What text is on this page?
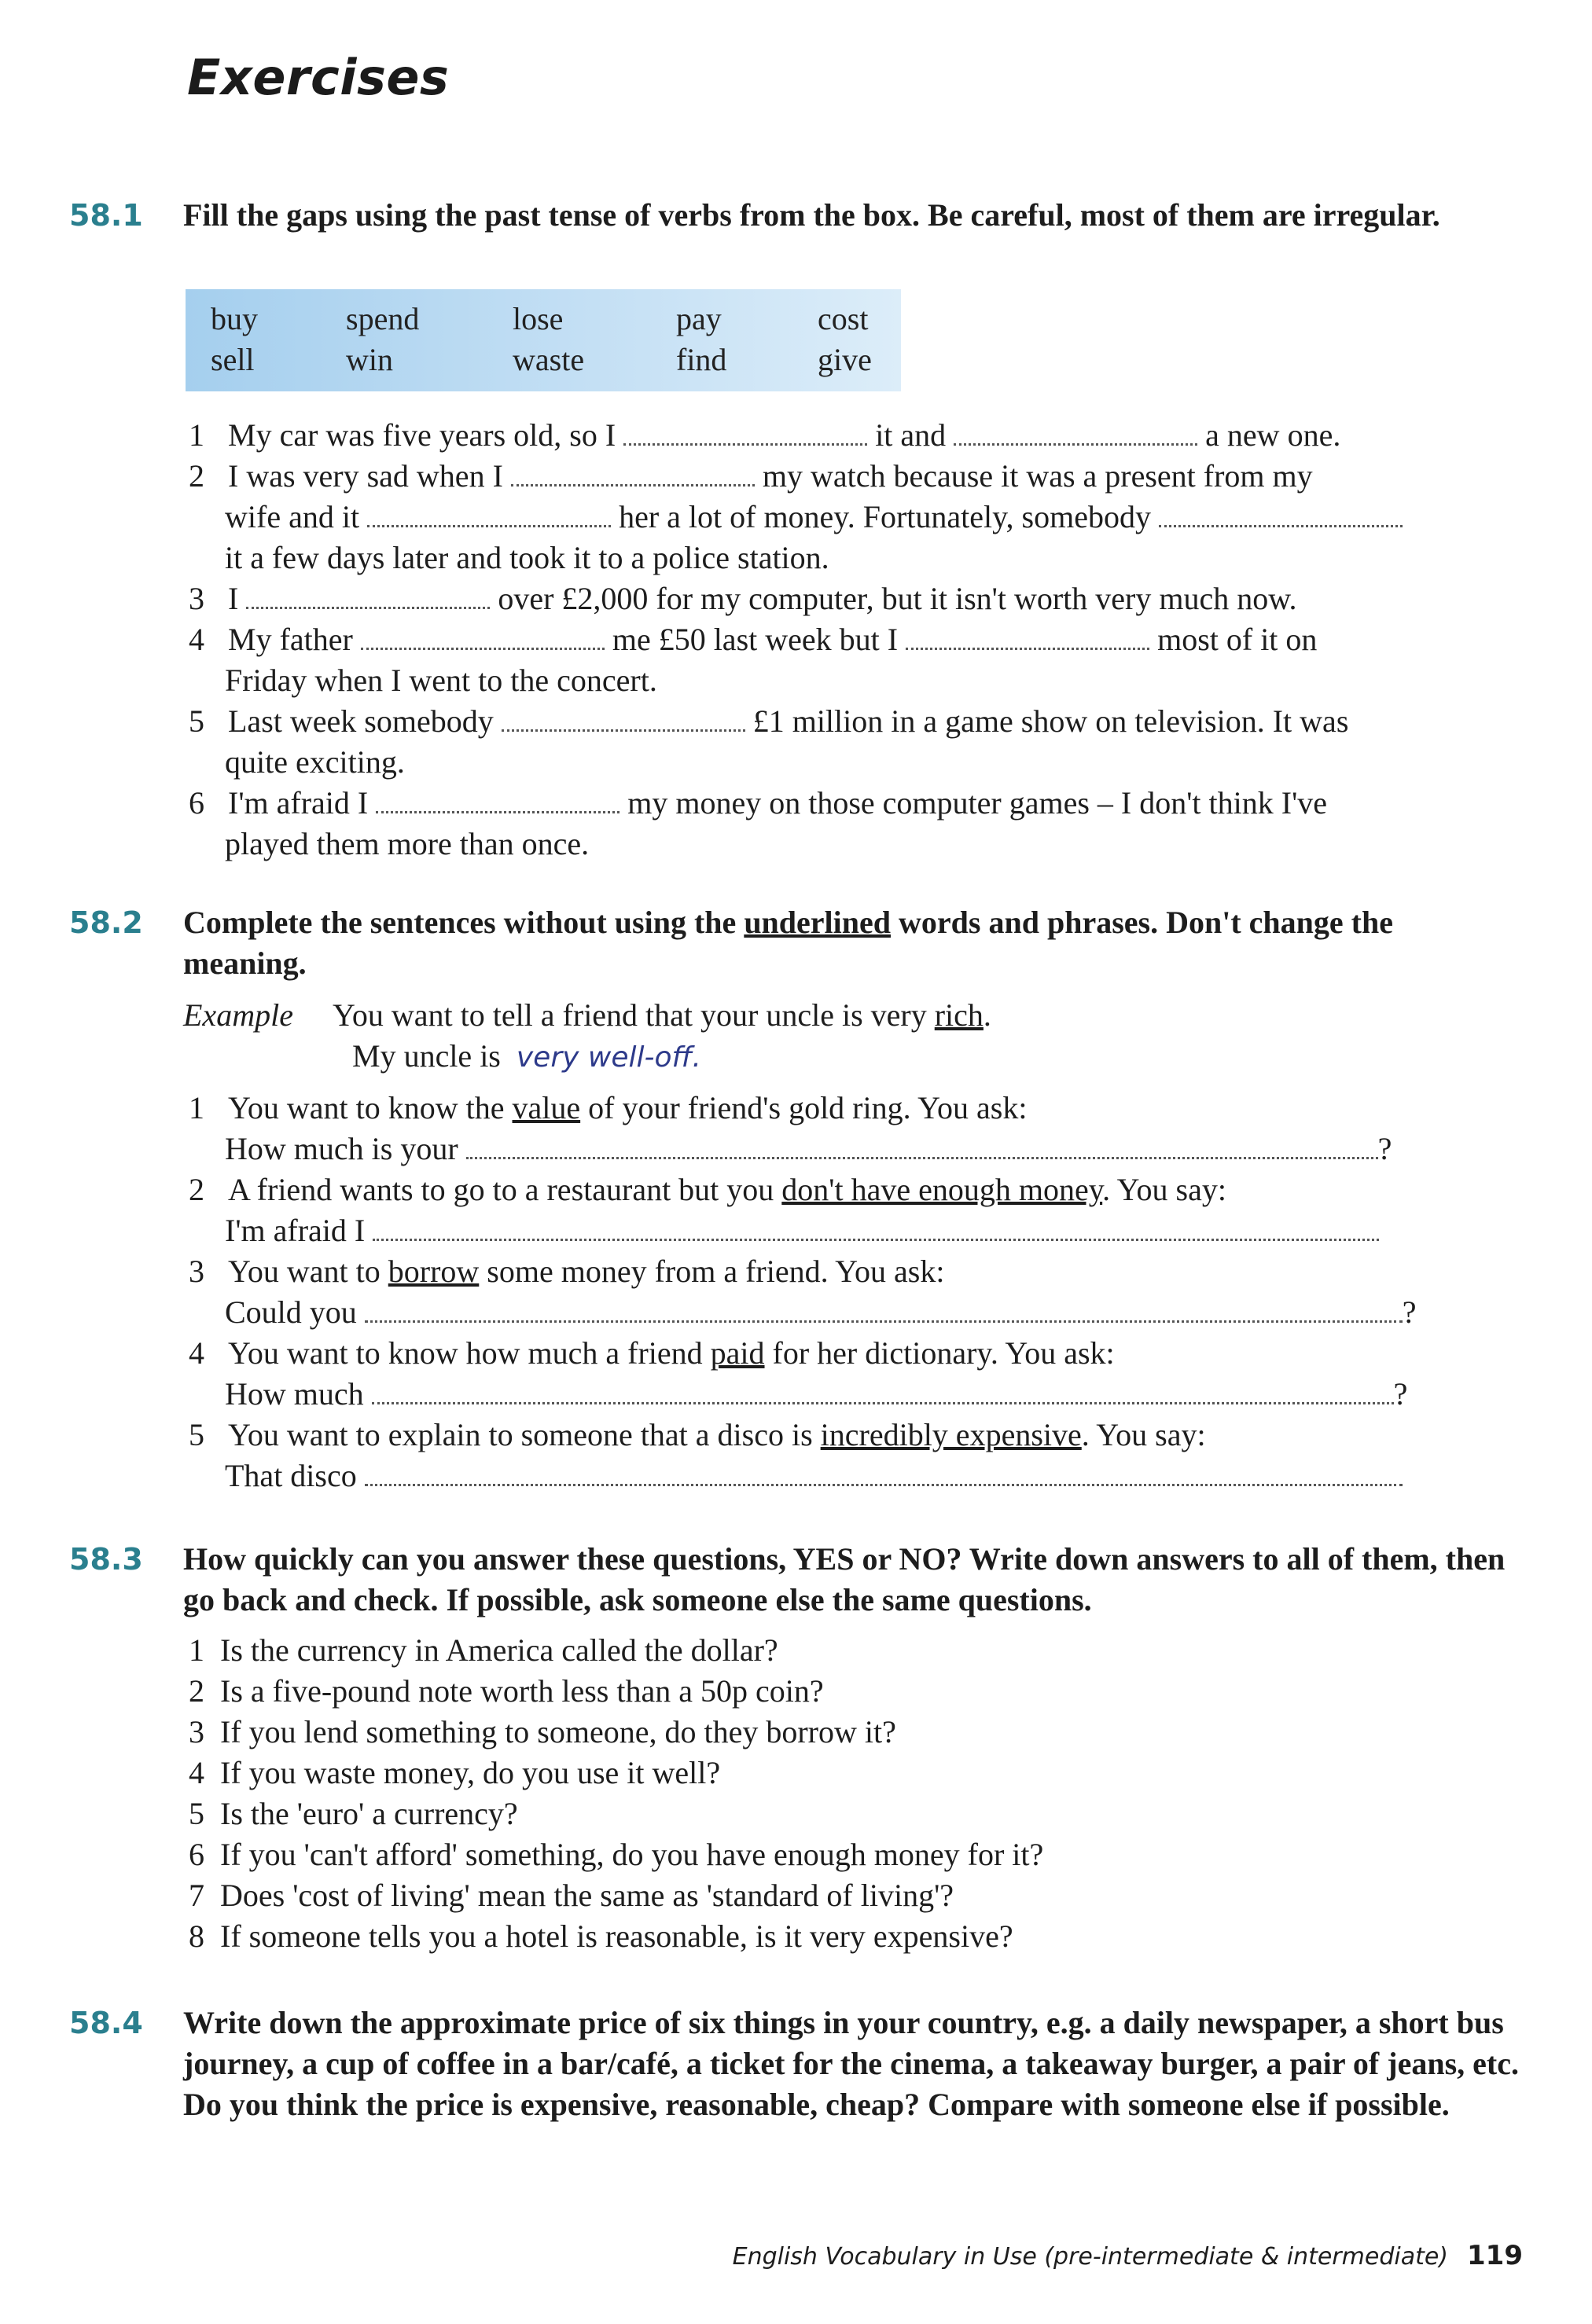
Exercises
58.1 Fill the gaps using the past tense of verbs from the box. Be careful, most of them are irregular.

buy	spend	lose	pay	cost
sell	win	waste	find	give
1 My car was five years old, so I	it and	a new one.
2 I was very sad when I	my watch because it was a present from my
wife and it	her a lot of money. Fortunately, somebody
it a few days later and took it to a police station.
3 I	over £2,000 for my computer, but it isn't worth very much now.
4 My father	me £50 last week but I	most of it on
Friday when I went to the concert.
5 Last week somebody	£1 million in a game show on television. It was
quite exciting.
6 I'm afraid I	my money on those computer games – I don't think I've
played them more than once.
58.2 Complete the sentences without using the underlined words and phrases. Don't change the meaning.

Example You want to tell a friend that your uncle is very rich.
My uncle is very well-off.
1 You want to know the value of your friend's gold ring. You ask:
How much is your	?
2 A friend wants to go to a restaurant but you don't have enough money. You say:
I'm afraid I
3 You want to borrow some money from a friend. You ask:
Could you	?
4 You want to know how much a friend paid for her dictionary. You ask:
How much	?
5 You want to explain to someone that a disco is incredibly expensive. You say:
That disco
58.3 How quickly can you answer these questions, YES or NO? Write down answers to all of them, then go back and check. If possible, ask someone else the same questions.

1 Is the currency in America called the dollar?
2 Is a five-pound note worth less than a 50p coin?
3 If you lend something to someone, do they borrow it?
4 If you waste money, do you use it well?
5 Is the 'euro' a currency?
6 If you 'can't afford' something, do you have enough money for it?
7 Does 'cost of living' mean the same as 'standard of living'?
8 If someone tells you a hotel is reasonable, is it very expensive?
58.4 Write down the approximate price of six things in your country, e.g. a daily newspaper, a short bus journey, a cup of coffee in a bar/café, a ticket for the cinema, a takeaway burger, a pair of jeans, etc. Do you think the price is expensive, reasonable, cheap? Compare with someone else if possible.

English Vocabulary in Use (pre-intermediate & intermediate) 119
